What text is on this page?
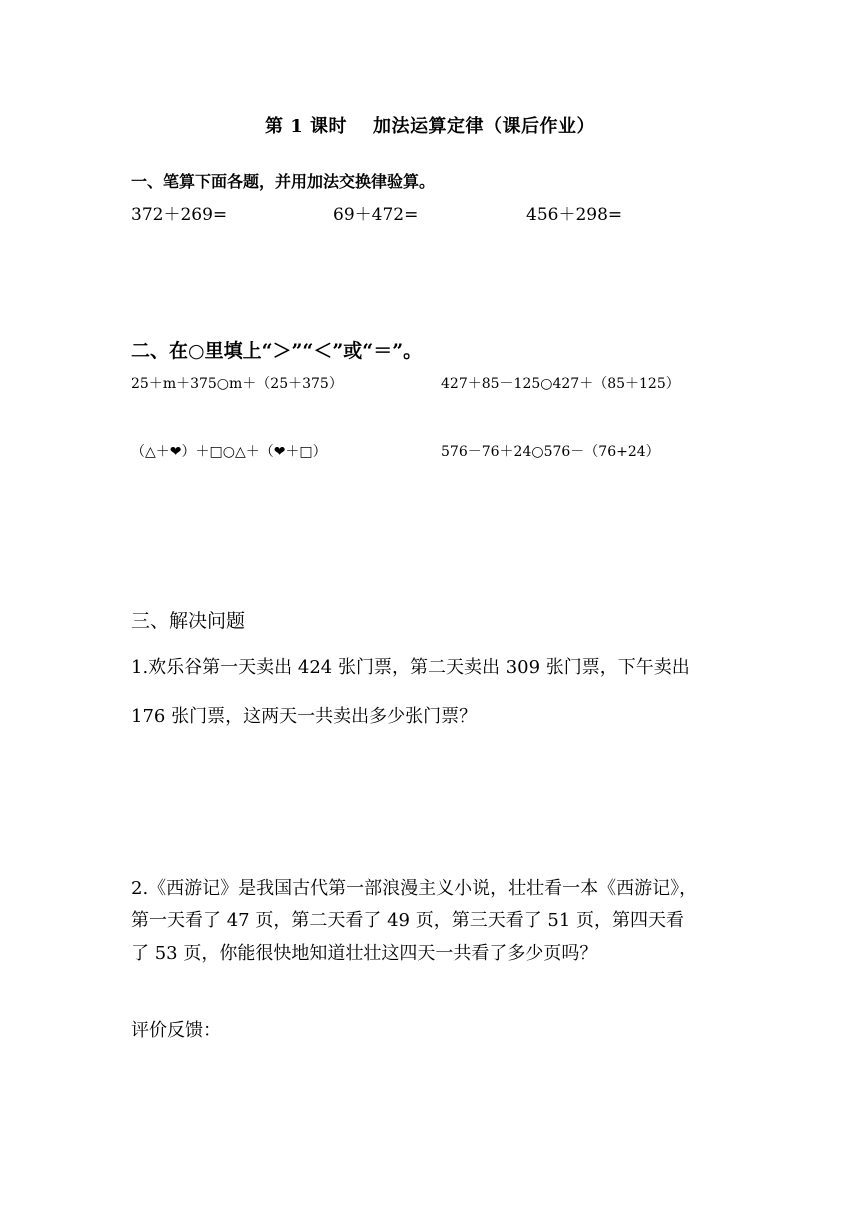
第 1 课时 加法运算定律（课后作业）
一、笔算下面各题，并用加法交换律验算。
372＋269=	69＋472=	456＋298=
二、在○里填上“＞”“＜”或“＝”。
25＋m＋375○m＋（25＋375）	427＋85－125○427＋（85＋125）
（△＋❤）＋□○△＋（❤＋□）	576－76＋24○576－（76+24）
三、解决问题
1.欢乐谷第一天卖出 424 张门票，第二天卖出 309 张门票，下午卖出
176 张门票，这两天一共卖出多少张门票？
2.《西游记》是我国古代第一部浪漫主义小说，壮壮看一本《西游记》，
第一天看了 47 页，第二天看了 49 页，第三天看了 51 页，第四天看
了 53 页，你能很快地知道壮壮这四天一共看了多少页吗？
评价反馈：
